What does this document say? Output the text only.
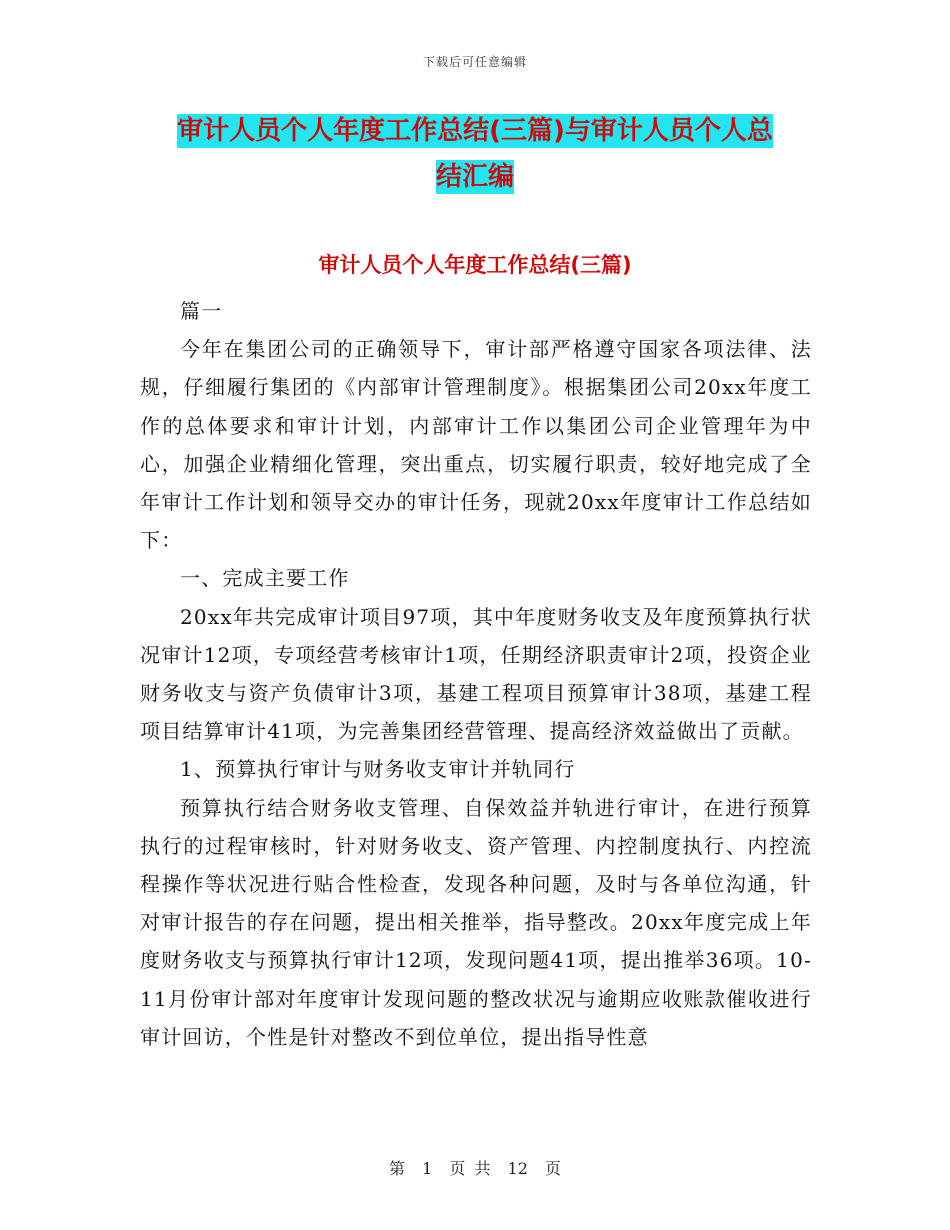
下载后可任意编辑
审计人员个人年度工作总结(三篇)与审计人员个人总
结汇编
审计人员个人年度工作总结(三篇)

篇一

今年在集团公司的正确领导下，审计部严格遵守国家各项法律、法规，仔细履行集团的《内部审计管理制度》。根据集团公司20xx年度工作的总体要求和审计计划，内部审计工作以集团公司企业管理年为中心，加强企业精细化管理，突出重点，切实履行职责，较好地完成了全年审计工作计划和领导交办的审计任务，现就20xx年度审计工作总结如下：

一、完成主要工作

20xx年共完成审计项目97项，其中年度财务收支及年度预算执行状况审计12项，专项经营考核审计1项，任期经济职责审计2项，投资企业财务收支与资产负债审计3项，基建工程项目预算审计38项，基建工程项目结算审计41项，为完善集团经营管理、提高经济效益做出了贡献。

1、预算执行审计与财务收支审计并轨同行

预算执行结合财务收支管理、自保效益并轨进行审计，在进行预算执行的过程审核时，针对财务收支、资产管理、内控制度执行、内控流程操作等状况进行贴合性检查，发现各种问题，及时与各单位沟通，针对审计报告的存在问题，提出相关推举，指导整改。20xx年度完成上年度财务收支与预算执行审计12项，发现问题41项，提出推举36项。10-11月份审计部对年度审计发现问题的整改状况与逾期应收账款催收进行审计回访，个性是针对整改不到位单位，提出指导性意

第 1 页 共 12 页
